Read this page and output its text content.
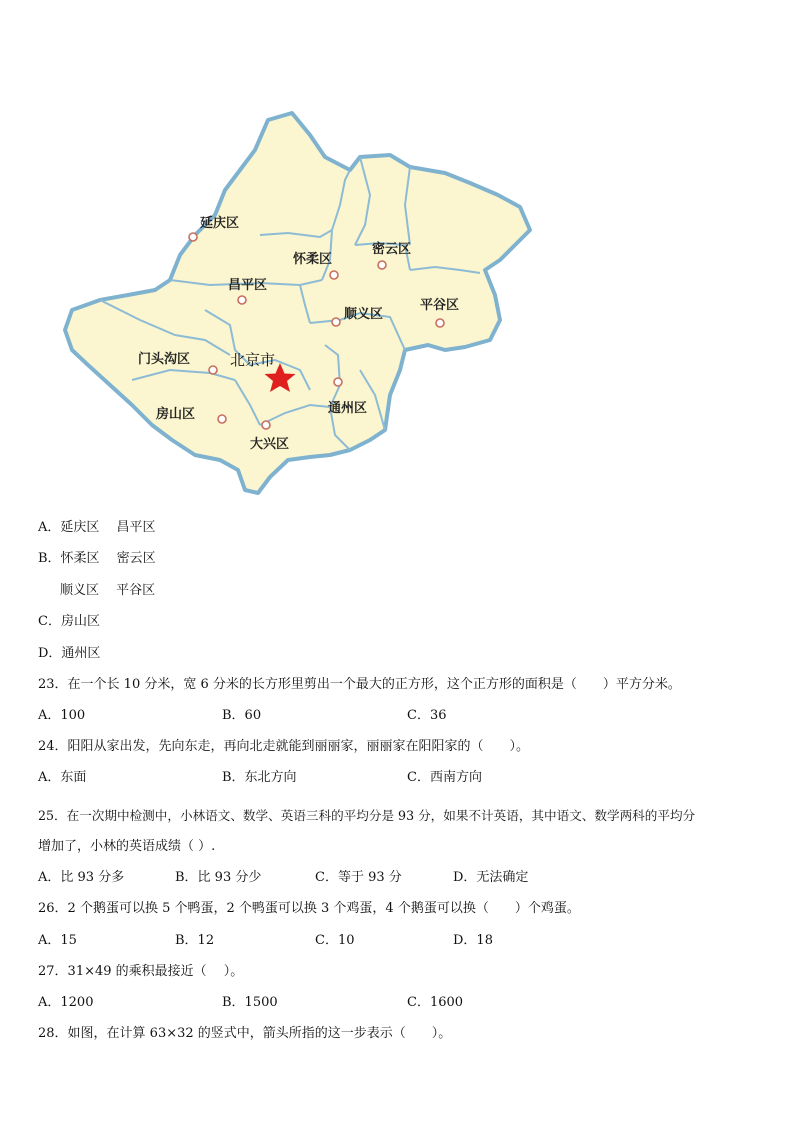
延庆区
怀柔区
密云区
昌平区
顺义区
平谷区
门头沟区	北京市
通州区
房山区
大兴区
A．延庆区　 昌平区
B．怀柔区　 密云区
顺义区　 平谷区
C．房山区
D．通州区
23．在一个长 10 分米，宽 6 分米的长方形里剪出一个最大的正方形，这个正方形的面积是（　　）平方分米。
A．100	B．60	C．36
24．阳阳从家出发，先向东走，再向北走就能到丽丽家，丽丽家在阳阳家的（　　）。
A．东面	B．东北方向	C．西南方向
25．在一次期中检测中，小林语文、数学、英语三科的平均分是 93 分，如果不计英语，其中语文、数学两科的平均分
增加了，小林的英语成绩（ ）.
A．比 93 分多	B．比 93 分少	C．等于 93 分	D．无法确定
26．2 个鹅蛋可以换 5 个鸭蛋，2 个鸭蛋可以换 3 个鸡蛋，4 个鹅蛋可以换（　　）个鸡蛋。
A．15	B．12	C．10	D．18
27．31×49 的乘积最接近（　 ）。
A．1200	B．1500	C．1600
28．如图，在计算 63×32 的竖式中，箭头所指的这一步表示（　　）。
